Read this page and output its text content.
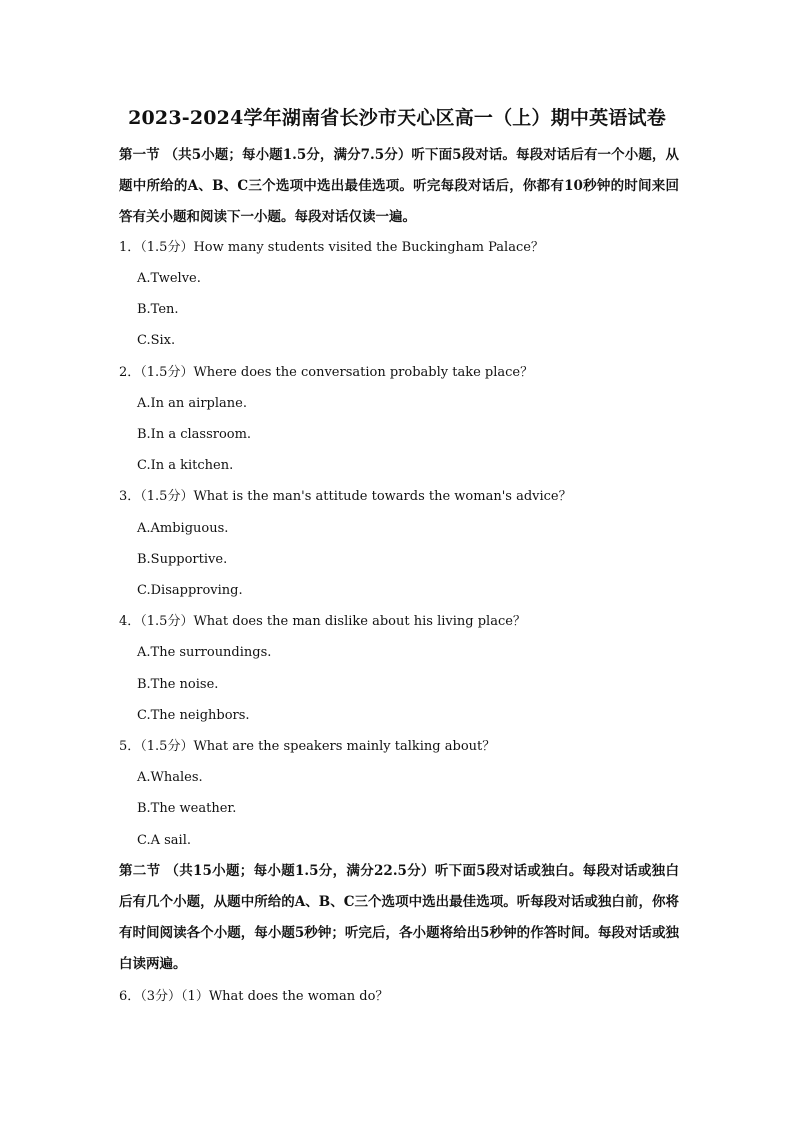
2023-2024学年湖南省长沙市天心区高一（上）期中英语试卷
第一节 （共5小题；每小题1.5分，满分7.5分）听下面5段对话。每段对话后有一个小题，从题中所给的A、B、C三个选项中选出最佳选项。听完每段对话后，你都有10秒钟的时间来回答有关小题和阅读下一小题。每段对话仅读一遍。
1．（1.5分）How many students visited the Buckingham Palace？
A.Twelve.
B.Ten.
C.Six.
2．（1.5分）Where does the conversation probably take place？
A.In an airplane.
B.In a classroom.
C.In a kitchen.
3．（1.5分）What is the man's attitude towards the woman's advice？
A.Ambiguous.
B.Supportive.
C.Disapproving.
4．（1.5分）What does the man dislike about his living place？
A.The surroundings.
B.The noise.
C.The neighbors.
5．（1.5分）What are the speakers mainly talking about？
A.Whales.
B.The weather.
C.A sail.
第二节 （共15小题；每小题1.5分，满分22.5分）听下面5段对话或独白。每段对话或独白后有几个小题，从题中所给的A、B、C三个选项中选出最佳选项。听每段对话或独白前，你将有时间阅读各个小题，每小题5秒钟；听完后，各小题将给出5秒钟的作答时间。每段对话或独白读两遍。
6．（3分）（1）What does the woman do？
